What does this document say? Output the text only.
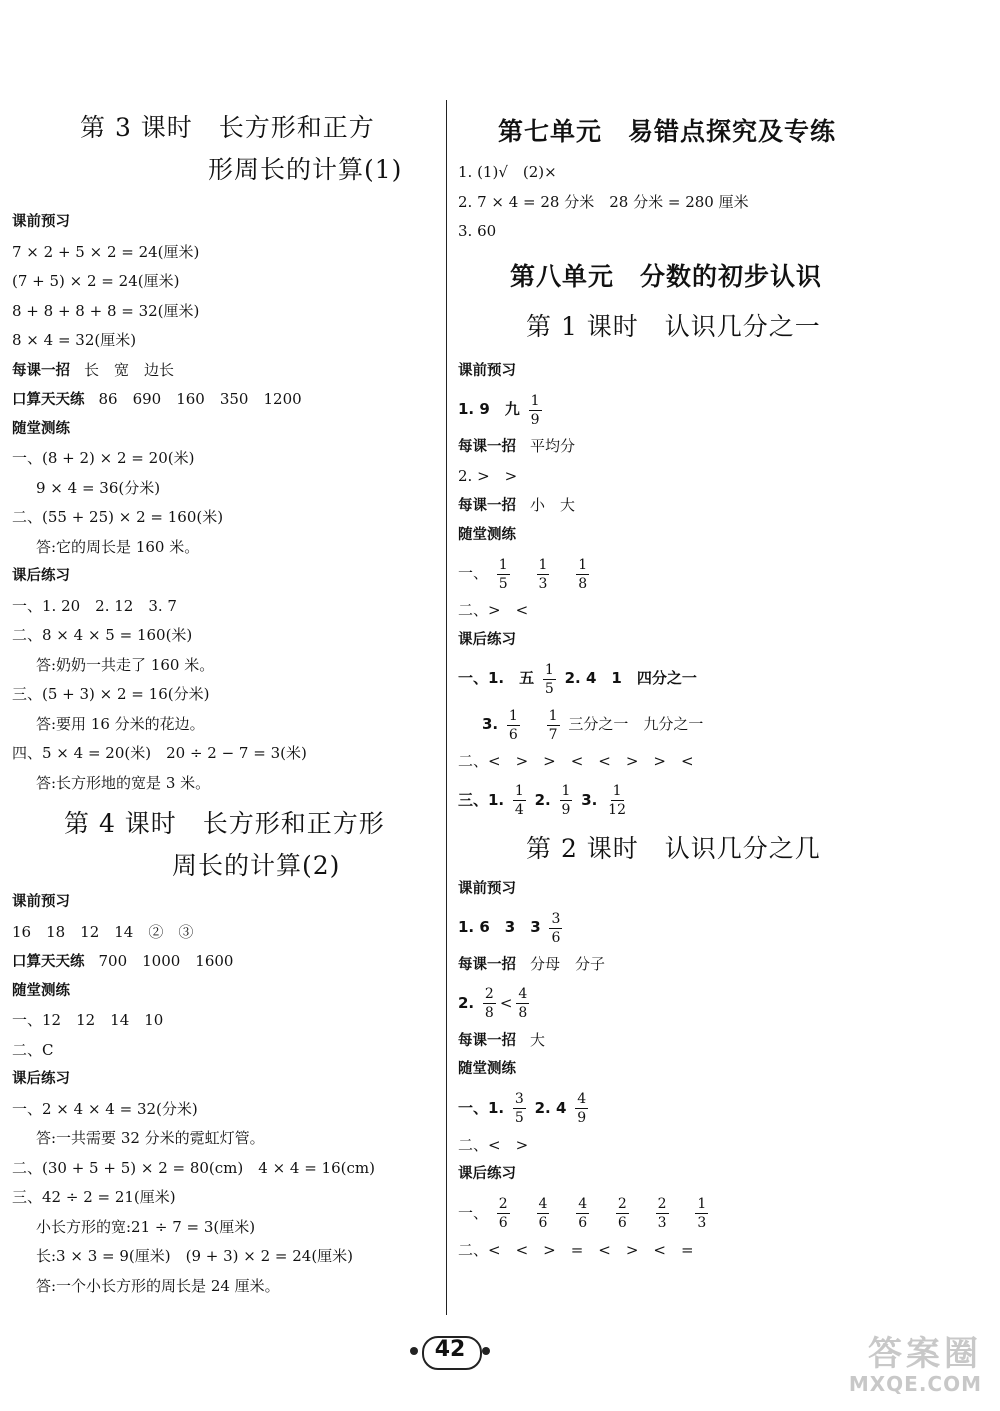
第 3 课时　长方形和正方
形周长的计算(1)
课前预习
7 × 2 + 5 × 2 = 24(厘米)
(7 + 5) × 2 = 24(厘米)
8 + 8 + 8 + 8 = 32(厘米)
8 × 4 = 32(厘米)
每课一招 长　宽　边长
口算天天练 86　690　160　350　1200
随堂测练
一、(8 + 2) × 2 = 20(米)
9 × 4 = 36(分米)
二、(55 + 25) × 2 = 160(米)
答:它的周长是 160 米。
课后练习
一、1. 20　2. 12　3. 7
二、8 × 4 × 5 = 160(米)
答:奶奶一共走了 160 米。
三、(5 + 3) × 2 = 16(分米)
答:要用 16 分米的花边。
四、5 × 4 = 20(米)　20 ÷ 2 − 7 = 3(米)
答:长方形地的宽是 3 米。
第 4 课时　长方形和正方形
周长的计算(2)
课前预习
16　18　12　14　②　③
口算天天练 700　1000　1600
随堂测练
一、12　12　14　10
二、C
课后练习
一、2 × 4 × 4 = 32(分米)
答:一共需要 32 分米的霓虹灯管。
二、(30 + 5 + 5) × 2 = 80(cm)　4 × 4 = 16(cm)
三、42 ÷ 2 = 21(厘米)
小长方形的宽:21 ÷ 7 = 3(厘米)
长:3 × 3 = 9(厘米)　(9 + 3) × 2 = 24(厘米)
答:一个小长方形的周长是 24 厘米。
第七单元　易错点探究及专练
1. (1)√　(2)×
2. 7 × 4 = 28 分米　28 分米 = 280 厘米
3. 60
第八单元　分数的初步认识
第 1 课时　认识几分之一
课前预习
1. 9　九 $\frac{1}{9}$
每课一招 平均分
2. >　>
每课一招 小　大
随堂测练
一、 $\frac{1}{5}$
$\frac{1}{3}$
$\frac{1}{8}$
二、>　<
课后练习
一、1.　五 $\frac{1}{5} 2$. 4　1　四分之一
3. $\frac{1}{6}$
$\frac{1}{7}$ 三分之一　九分之一
二、<　>　>　<　<　>　>　<
三、1. $\frac{1}{4} 2$. $\frac{1}{9} 3$. $\frac{1}{12}$
第 2 课时　认识几分之几
课前预习
1. 6　3　$3 \frac{3}{6}$
每课一招 分母　分子
2. $\frac{2}{8} < \frac{4}{8}$
每课一招 大
随堂测练
一、1. $\frac{3}{5} 2$. $4 \frac{4}{9}$
二、<　>
课后练习
一、 $\frac{2}{6}$
$\frac{4}{6}$
$\frac{4}{6}$
$\frac{2}{6}$
$\frac{2}{3}$
$\frac{1}{3}$
二、<　<　>　=　<　>　<　=
42	答案圈
MXQE.COM
